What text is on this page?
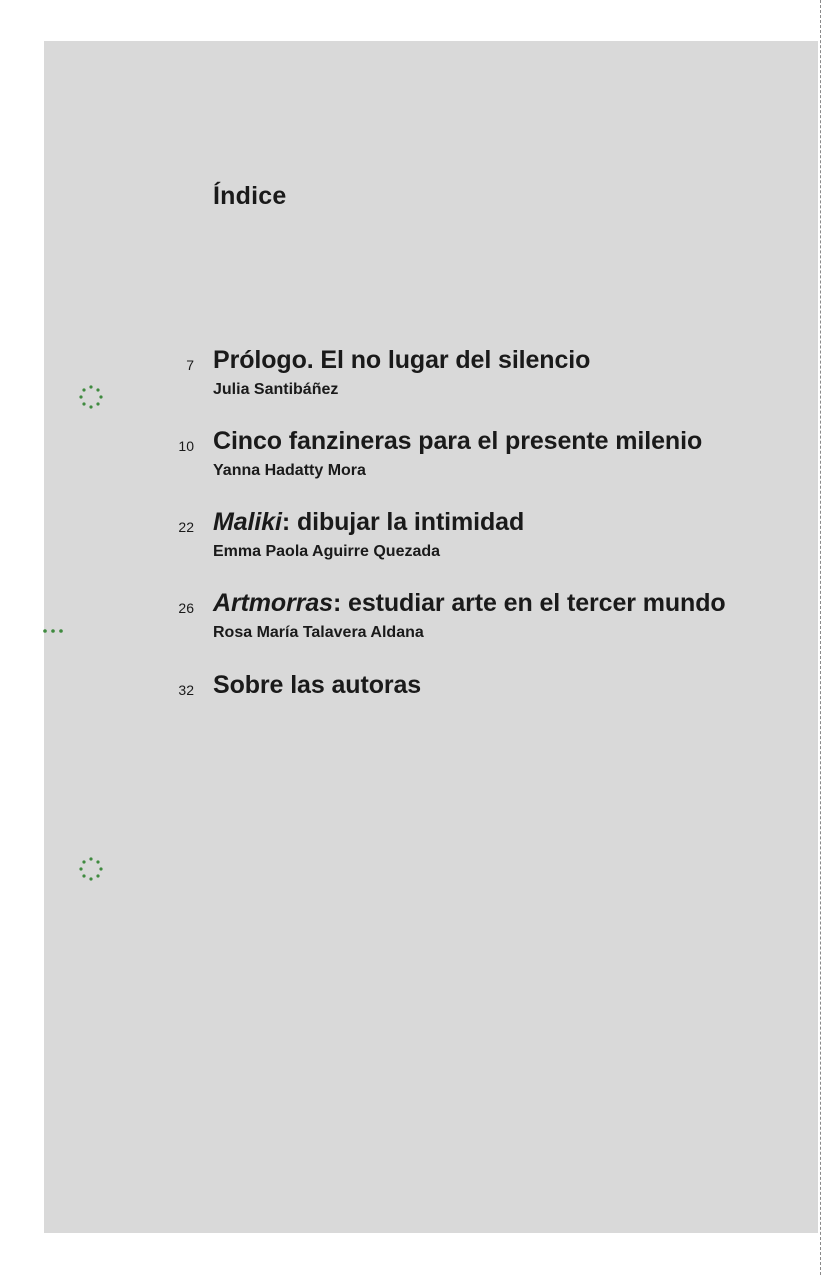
Índice
7 Prólogo. El no lugar del silencio
Julia Santibáñez
10 Cinco fanzineras para el presente milenio
Yanna Hadatty Mora
22 Maliki: dibujar la intimidad
Emma Paola Aguirre Quezada
26 Artmorras: estudiar arte en el tercer mundo
Rosa María Talavera Aldana
32 Sobre las autoras
